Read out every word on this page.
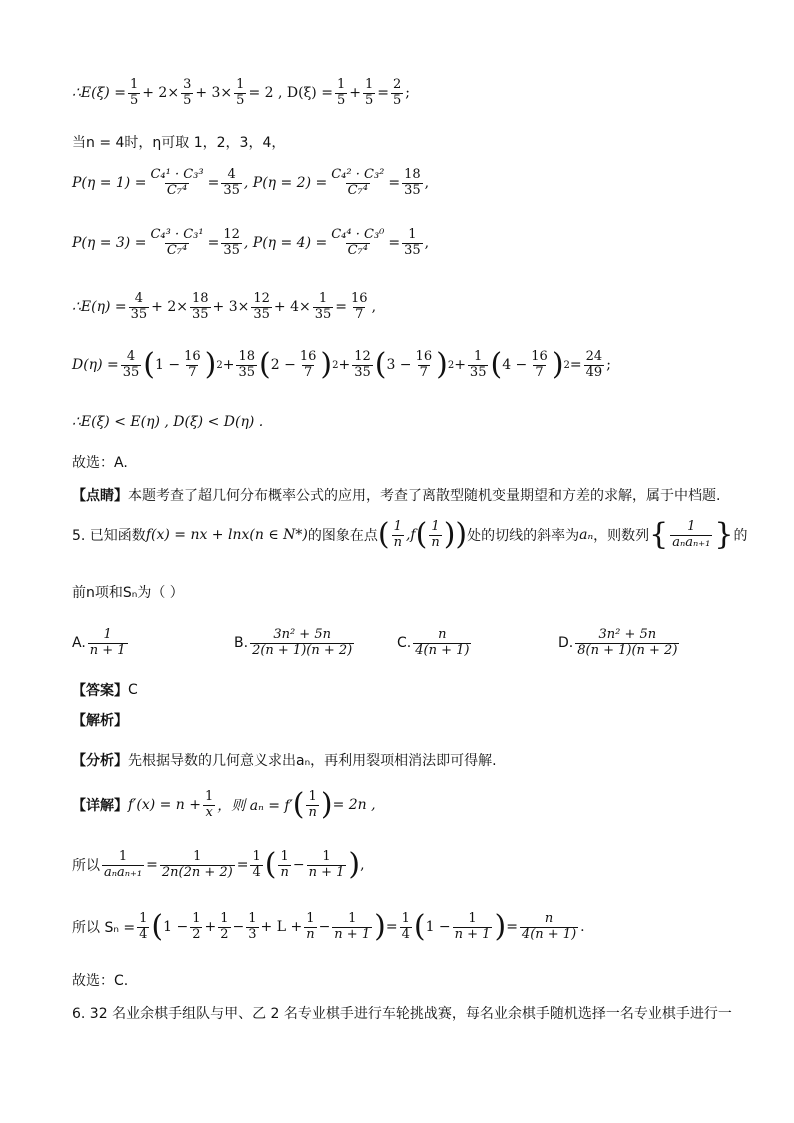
∴E(ξ) = $\frac{1}{5} + 2\times \frac{3}{5} + 3\times \frac{1}{5} = 2$ , $D(\xi) = \frac{1}{5} + \frac{1}{5} = \frac{2}{5}$ ;
当n = 4时，η可取 1，2，3，4，
$P(\eta = 1) = \frac{\text{C₄¹ · C₃³}}{\text{C₇⁴}} = \frac{4}{35}$ , $P(\eta = 2) = \frac{\text{C₄² · C₃²}}{\text{C₇⁴}} = \frac{18}{35}$ ,
$P(\eta = 3) = \frac{\text{C₄³ · C₃¹}}{\text{C₇⁴}} = \frac{12}{35}$ , $P(\eta = 4) = \frac{\text{C₄⁴ · C₃⁰}}{\text{C₇⁴}} = \frac{1}{35}$ ,
∴E(η) = $\frac{4}{35} + 2\times \frac{18}{35} + 3\times \frac{12}{35} + 4\times \frac{1}{35} = \frac{16}{7}$ ,
$D(\eta) = \frac{4}{35}$ ( $1 - \frac{16}{7}$ ) $2 + \frac{18}{35}$ ( $2 - \frac{16}{7}$ ) $2 + \frac{12}{35}$ ( $3 - \frac{16}{7}$ ) $2 + \frac{1}{35}$ ( $4 - \frac{16}{7}$ ) $2 = \frac{24}{49}$ ;
∴E(ξ) < E(η) , D(ξ) < D(η) .
故选：A.
【点睛】 本题考查了超几何分布概率公式的应用，考查了离散型随机变量期望和方差的求解，属于中档题.
5. 已知函数 f(x) = nx + lnx (n ∈ N*) 的图象在点 ( $\frac{1}{n}$ , f ( $\frac{1}{n}$ ) ) 处的切线的斜率为 aₙ ，则数列 { $\frac{1}{\text{aₙaₙ₊₁}}$ } 的
前n项和Sₙ为（ ）
A. $\frac{1}{n + 1}$	B. $\frac{\text{3n² + 5n}}{2(n + 1)(n + 2)}$	C. $\frac{n}{4(n + 1)}$	D. $\frac{\text{3n² + 5n}}{8(n + 1)(n + 2)}$
【答案】 C
【解析】
【分析】 先根据导数的几何意义求出aₙ，再利用裂项相消法即可得解.
【详解】 $f'(x) = n + \frac{1}{x}$ ，则 aₙ = f′ ( $\frac{1}{n}$ ) = 2n ,
所以 $\frac{1}{\text{aₙaₙ₊₁}} = \frac{1}{2n(2n + 2)} = \frac{1}{4}$ ( $\frac{1}{n} - \frac{1}{n + 1}$ ) ,
所以 $S_n = \frac{1}{4}$ ( $1 - \frac{1}{2} + \frac{1}{2} - \frac{1}{3} + L + \frac{1}{n} - \frac{1}{n + 1}$ ) = $\frac{1}{4}$ ( $1 - \frac{1}{n + 1}$ ) = $\frac{n}{4(n + 1)}$ .
故选：C.
6. 32 名业余棋手组队与甲、乙 2 名专业棋手进行车轮挑战赛，每名业余棋手随机选择一名专业棋手进行一
